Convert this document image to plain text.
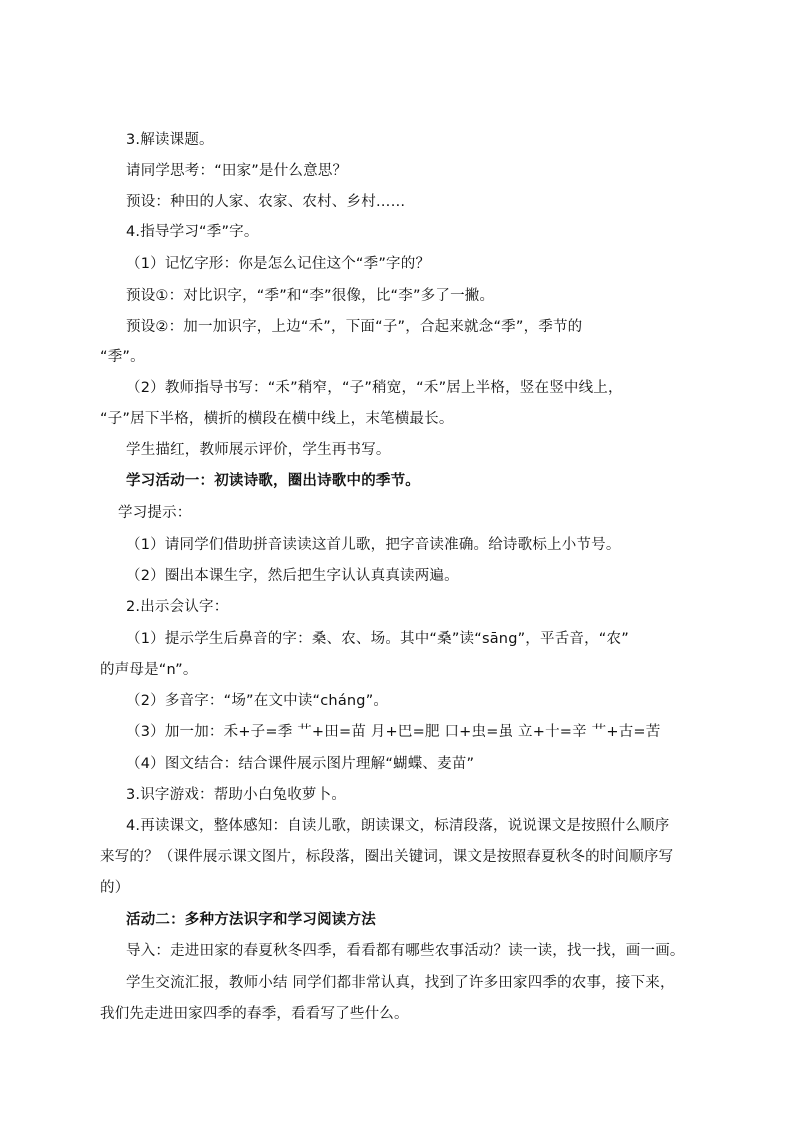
3.解读课题。
请同学思考：“田家”是什么意思？
预设：种田的人家、农家、农村、乡村……
4.指导学习“季”字。
（1）记忆字形：你是怎么记住这个“季”字的？
预设①：对比识字，“季”和“李”很像，比“李”多了一撇。
预设②：加一加识字，上边“禾”，下面“子”，合起来就念“季”，季节的
“季”。
（2）教师指导书写：“禾”稍窄，“子”稍宽，“禾”居上半格，竖在竖中线上，
“子”居下半格，横折的横段在横中线上，末笔横最长。
学生描红，教师展示评价，学生再书写。
学习活动一：初读诗歌，圈出诗歌中的季节。
学习提示：
（1）请同学们借助拼音读读这首儿歌，把字音读准确。给诗歌标上小节号。
（2）圈出本课生字，然后把生字认认真真读两遍。
2.出示会认字：
（1）提示学生后鼻音的字：桑、农、场。其中“桑”读“sāng”，平舌音，“农”
的声母是“n”。
（2）多音字：“场”在文中读“cháng”。
（3）加一加：禾+子=季 艹+田=苗 月+巴=肥 口+虫=虽 立+十=辛 艹+古=苦
（4）图文结合：结合课件展示图片理解“蝴蝶、麦苗”
3.识字游戏：帮助小白兔收萝卜。
4.再读课文，整体感知：自读儿歌，朗读课文，标清段落，说说课文是按照什么顺序
来写的？（课件展示课文图片，标段落，圈出关键词，课文是按照春夏秋冬的时间顺序写
的）
活动二：多种方法识字和学习阅读方法
导入：走进田家的春夏秋冬四季，看看都有哪些农事活动？读一读，找一找，画一画。
学生交流汇报，教师小结 同学们都非常认真，找到了许多田家四季的农事，接下来，
我们先走进田家四季的春季，看看写了些什么。
